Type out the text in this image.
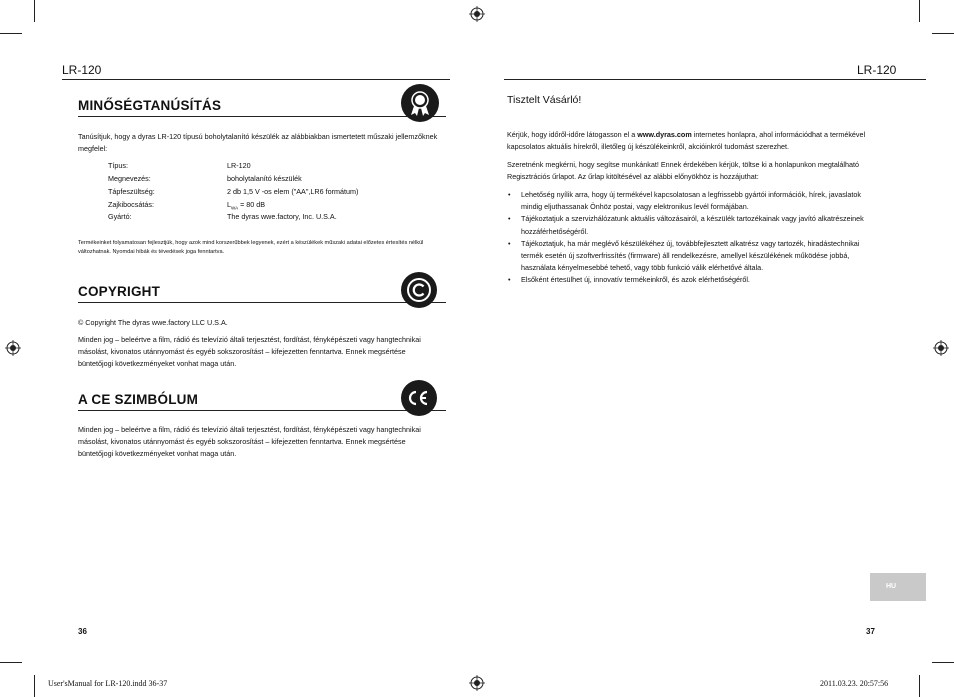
LR-120
MINŐSÉGTANÚSÍTÁS
Tanúsítjuk, hogy a dyras LR-120 típusú boholytalanító készülék az alábbiakban ismertetett műszaki jellemzőknek megfelel:
Típus:	LR-120
Megnevezés:	boholytalanító készülék
Tápfeszültség:	2 db 1,5 V -os elem ("AA",LR6 formátum)
Zajkibocsátás:	$L_{WA} = 80$ dB
Gyártó:	The dyras wwe.factory, Inc. U.S.A.
Termékeinket folyamatosan fejlesztjük, hogy azok mind korszerűbbek legyenek, ezért a készülékek műszaki adatai előzetes értesítés nélkül változhatnak. Nyomdai hibák és tévedések joga fenntartva.
COPYRIGHT
© Copyright The dyras wwe.factory LLC U.S.A.
Minden jog – beleértve a film, rádió és televízió általi terjesztést, fordítást, fényképészeti vagy hangtechnikai másolást, kivonatos utánnyomást és egyéb sokszorosítást – kifejezetten fenntartva. Ennek megsértése büntetőjogi következményeket vonhat maga után.
A CE SZIMBÓLUM
Minden jog – beleértve a film, rádió és televízió általi terjesztést, fordítást, fényképészeti vagy hangtechnikai másolást, kivonatos utánnyomást és egyéb sokszorosítást – kifejezetten fenntartva. Ennek megsértése büntetőjogi következményeket vonhat maga után.
36
LR-120
Tisztelt Vásárló!
Kérjük, hogy időről-időre látogasson el a www.dyras.com internetes honlapra, ahol információdhat a termékével kapcsolatos aktuális hírekről, illetőleg új készülékeinkről, akcióinkról tudomást szerezhet.
Szeretnénk megkérni, hogy segítse munkánkat! Ennek érdekében kérjük, töltse ki a honlapunkon megtalálható Regisztrációs űrlapot. Az űrlap kitöltésével az alábbi előnyökhöz is hozzájuthat:
• Lehetőség nyílik arra, hogy új termékével kapcsolatosan a legfrissebb gyártói információk, hírek, javaslatok mindig eljuthassanak Önhöz postai, vagy elektronikus levél formájában.
• Tájékoztatjuk a szervizhálózatunk aktuális változásairól, a készülék tartozékainak vagy javító alkatrészeinek hozzáférhetőségéről.
• Tájékoztatjuk, ha már meglévő készülékéhez új, továbbfejlesztett alkatrész vagy tartozék, hiradástechnikai termék esetén új szoftverfrissítés (firmware) áll rendelkezésre, amellyel készülékének működése jobbá, használata kényelmesebbé tehető, vagy több funkció válik elérhetővé általa.
• Elsőként értesülhet új, innovatív termékeinkről, és azok elérhetőségéről.
HU
37
User'sManual for LR-120.indd 36-37	2011.03.23. 20:57:56
